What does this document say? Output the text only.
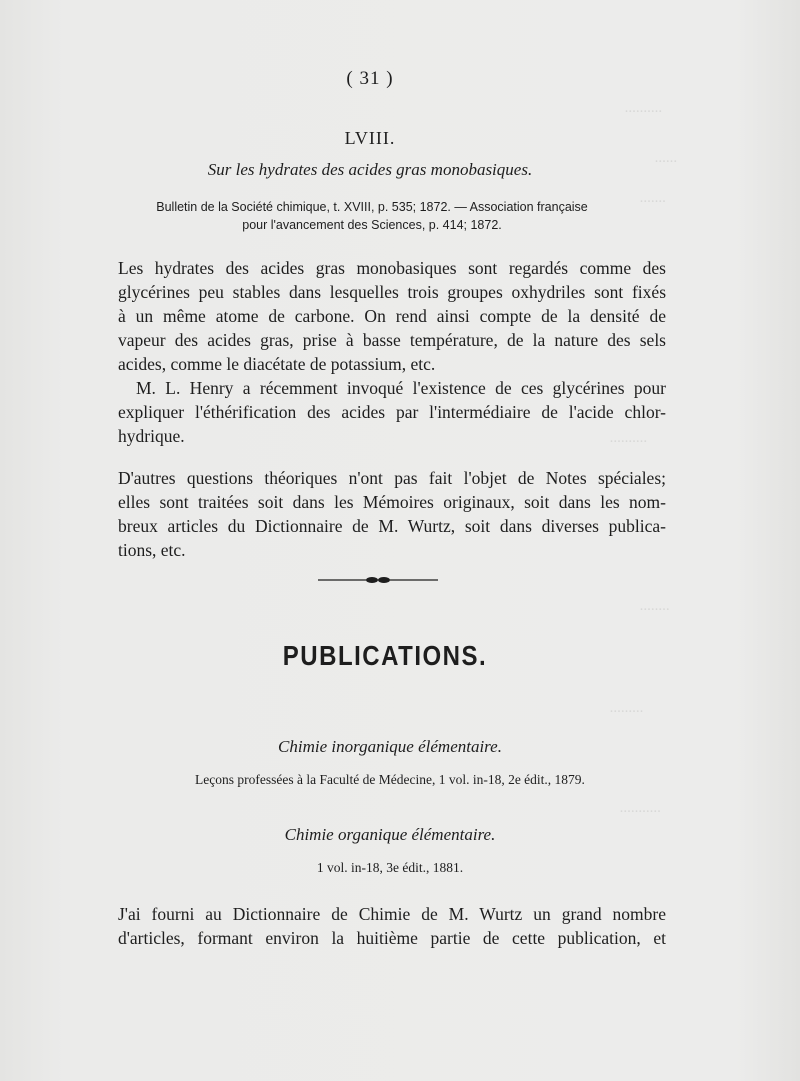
..........
......
.......
..........
........
.........
...........
( 31 )
LVIII.
Sur les hydrates des acides gras monobasiques.
Bulletin de la Société chimique, t. XVIII, p. 535; 1872. — Association française
pour l'avancement des Sciences, p. 414; 1872.
Les hydrates des acides gras monobasiques sont regardés comme des
glycérines peu stables dans lesquelles trois groupes oxhydriles sont fixés
à un même atome de carbone. On rend ainsi compte de la densité de
vapeur des acides gras, prise à basse température, de la nature des sels
acides, comme le diacétate de potassium, etc.
M. L. Henry a récemment invoqué l'existence de ces glycérines pour
expliquer l'éthérification des acides par l'intermédiaire de l'acide chlor-
hydrique.
D'autres questions théoriques n'ont pas fait l'objet de Notes spéciales;
elles sont traitées soit dans les Mémoires originaux, soit dans les nom-
breux articles du Dictionnaire de M. Wurtz, soit dans diverses publica-
tions, etc.
PUBLICATIONS.
Chimie inorganique élémentaire.
Leçons professées à la Faculté de Médecine, 1 vol. in-18, 2e édit., 1879.
Chimie organique élémentaire.
1 vol. in-18, 3e édit., 1881.
J'ai fourni au Dictionnaire de Chimie de M. Wurtz un grand nombre
d'articles, formant environ la huitième partie de cette publication, et
